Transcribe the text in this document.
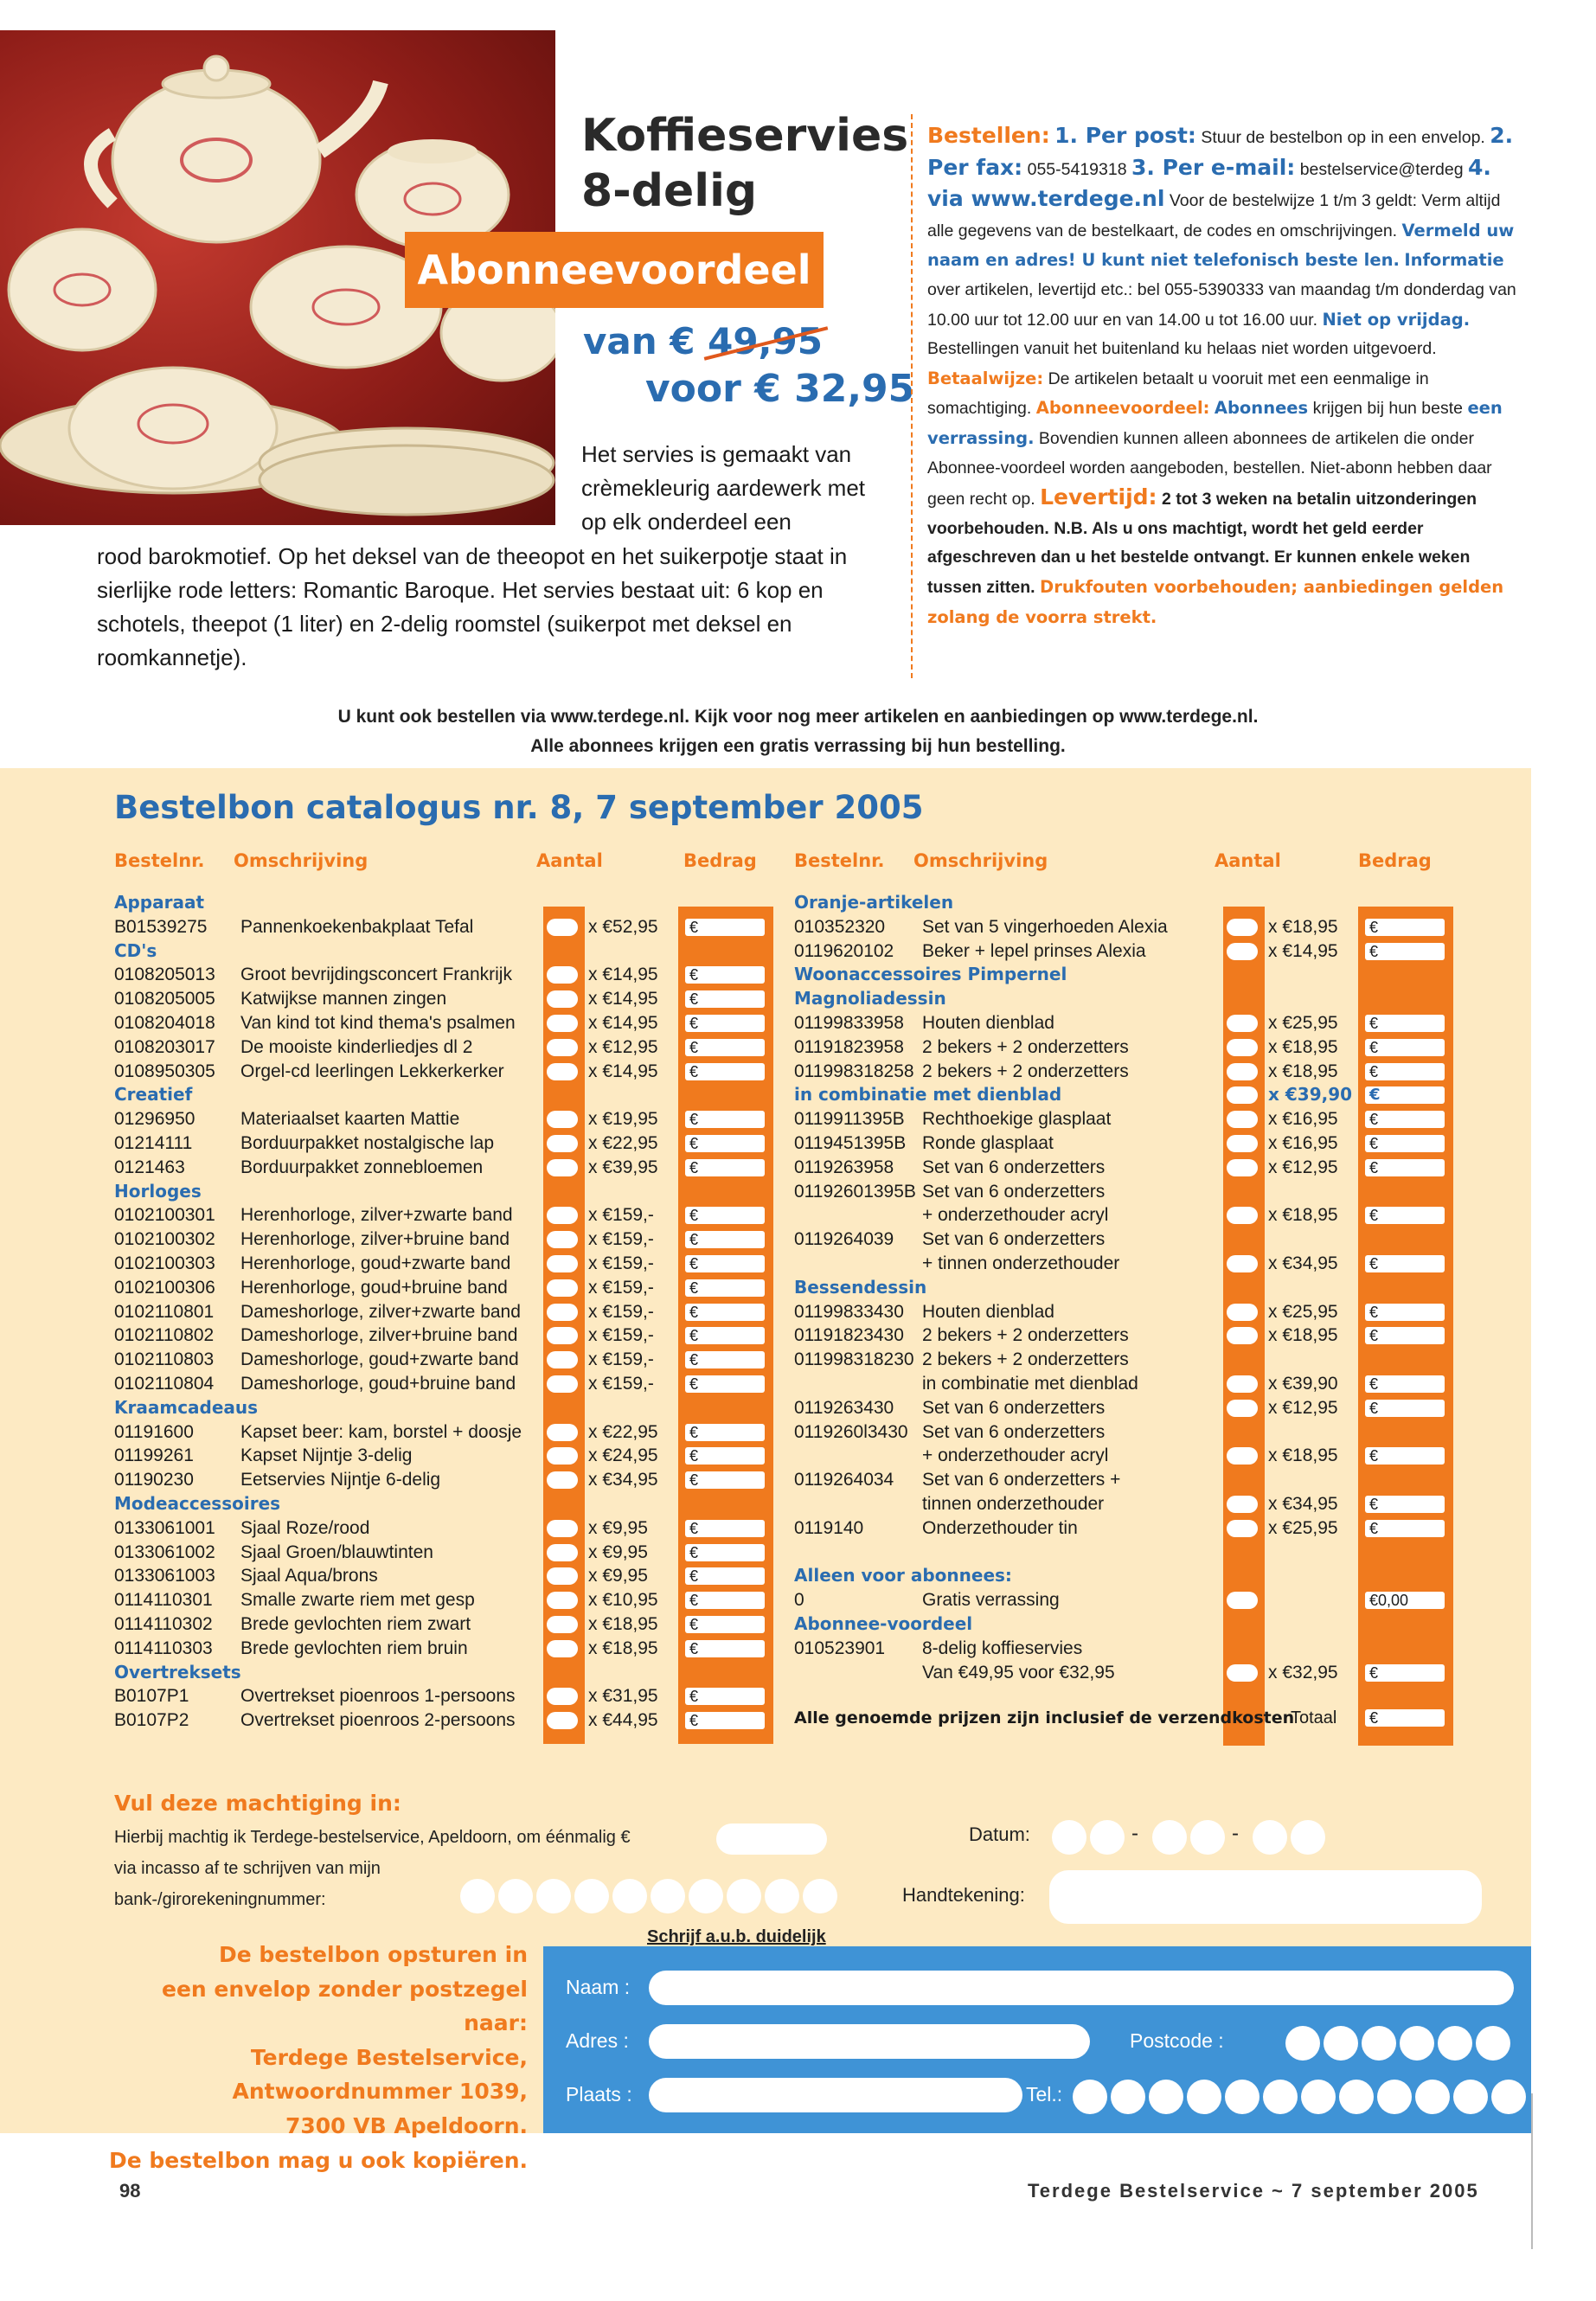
Koffieservies
8-delig
Abonneevoordeel
van € 49,95
voor € 32,95
Het servies is gemaakt van crèmekleurig aardewerk met op elk onderdeel een
rood barokmotief. Op het deksel van de theeopot en het suikerpotje staat in sierlijke rode letters: Romantic Baroque. Het servies bestaat uit: 6 kop en schotels, theepot (1 liter) en 2-delig roomstel (suikerpot met deksel en roomkannetje).
Bestellen: 1. Per post: Stuur de bestelbon op in een envelop. 2. Per fax: 055-5419318 3. Per e-mail: bestelservice@terdeg 4. via www.terdege.nl Voor de bestelwijze 1 t/m 3 geldt: Verm altijd alle gegevens van de bestelkaart, de codes en omschrijvingen. Vermeld uw naam en adres! U kunt niet telefonisch beste len. Informatie over artikelen, levertijd etc.: bel 055-5390333 van maandag t/m donderdag van 10.00 uur tot 12.00 uur en van 14.00 u tot 16.00 uur. Niet op vrijdag. Bestellingen vanuit het buitenland ku helaas niet worden uitgevoerd. Betaalwijze: De artikelen betaalt u vooruit met een eenmalige in somachtiging. Abonneevoordeel: Abonnees krijgen bij hun beste een verrassing. Bovendien kunnen alleen abonnees de artikelen die onder Abonnee-voordeel worden aangeboden, bestellen. Niet-abonn hebben daar geen recht op. Levertijd: 2 tot 3 weken na betalin uitzonderingen voorbehouden. N.B. Als u ons machtigt, wordt het geld eerder afgeschreven dan u het bestelde ontvangt. Er kunnen enkele weken tussen zitten. Drukfouten voorbehouden; aanbiedingen gelden zolang de voorra strekt.
U kunt ook bestellen via www.terdege.nl. Kijk voor nog meer artikelen en aanbiedingen op www.terdege.nl.
Alle abonnees krijgen een gratis verrassing bij hun bestelling.
Bestelbon catalogus nr. 8, 7 september 2005
Bestelnr. Omschrijving	Aantal	Bedrag Bestelnr. Omschrijving	Aantal	Bedrag
Apparaat
B01539275 Pannenkoekenbakplaat Tefal	x €52,95 €
CD's
0108205013 Groot bevrijdingsconcert Frankrijk	x €14,95 €
0108205005 Katwijkse mannen zingen	x €14,95 €
0108204018 Van kind tot kind thema's psalmen	x €14,95 €
0108203017 De mooiste kinderliedjes dl 2	x €12,95 €
0108950305 Orgel-cd leerlingen Lekkerkerker	x €14,95 €
Creatief
01296950	Materiaalset kaarten Mattie	x €19,95 €
01214111	Borduurpakket nostalgische lap	x €22,95 €
0121463	Borduurpakket zonnebloemen	x €39,95 €
Horloges
0102100301 Herenhorloge, zilver+zwarte band	x €159,- €
0102100302 Herenhorloge, zilver+bruine band	x €159,- €
0102100303 Herenhorloge, goud+zwarte band	x €159,- €
0102100306 Herenhorloge, goud+bruine band	x €159,- €
0102110801 Dameshorloge, zilver+zwarte band	x €159,- €
0102110802 Dameshorloge, zilver+bruine band	x €159,- €
0102110803 Dameshorloge, goud+zwarte band	x €159,- €
0102110804 Dameshorloge, goud+bruine band	x €159,- €
Kraamcadeaus
01191600	Kapset beer: kam, borstel + doosje	x €22,95 €
01199261	Kapset Nijntje 3-delig	x €24,95 €
01190230	Eetservies Nijntje 6-delig	x €34,95 €
Modeaccessoires
0133061001 Sjaal Roze/rood	x €9,95	€
0133061002 Sjaal Groen/blauwtinten	x €9,95	€
0133061003 Sjaal Aqua/brons	x €9,95	€
0114110301 Smalle zwarte riem met gesp	x €10,95 €
0114110302 Brede gevlochten riem zwart	x €18,95 €
0114110303 Brede gevlochten riem bruin	x €18,95 €
Overtreksets
B0107P1	Overtrekset pioenroos 1-persoons	x €31,95 €
B0107P2	Overtrekset pioenroos 2-persoons	x €44,95 €
Oranje-artikelen
010352320 Set van 5 vingerhoeden Alexia	x €18,95 €
0119620102 Beker + lepel prinses Alexia	x €14,95 €
Woonaccessoires Pimpernel
Magnoliadessin
01199833958 Houten dienblad	x €25,95 €
01191823958 2 bekers + 2 onderzetters	x €18,95 €
011998318258 2 bekers + 2 onderzetters	x €18,95 €
in combinatie met dienblad	x €39,90 €
0119911395B Rechthoekige glasplaat	x €16,95 €
0119451395B Ronde glasplaat	x €16,95 €
0119263958 Set van 6 onderzetters	x €12,95 €
01192601395B Set van 6 onderzetters
+ onderzethouder acryl	x €18,95 €
0119264039 Set van 6 onderzetters
+ tinnen onderzethouder	x €34,95 €
Bessendessin
01199833430 Houten dienblad	x €25,95 €
01191823430 2 bekers + 2 onderzetters	x €18,95 €
011998318230 2 bekers + 2 onderzetters
in combinatie met dienblad	x €39,90 €
0119263430 Set van 6 onderzetters	x €12,95 €
0119260l3430 Set van 6 onderzetters
+ onderzethouder acryl	x €18,95 €
0119264034 Set van 6 onderzetters +
tinnen onderzethouder	x €34,95 €
0119140	Onderzethouder tin	x €25,95 €
Alleen voor abonnees:
0	Gratis verrassing	€0,00
Abonnee-voordeel
010523901 8-delig koffieservies
Van €49,95 voor €32,95	x €32,95 €
Alle genoemde prijzen zijn inclusief de verzendkosten
Totaal €
Vul deze machtiging in:
Hierbij machtig ik Terdege-bestelservice, Apeldoorn, om éénmalig €
via incasso af te schrijven van mijn
bank-/girorekeningnummer:
Datum:	-	-
Handtekening:
De bestelbon opsturen in
een envelop zonder postzegel naar:
Terdege Bestelservice,
Antwoordnummer 1039,
7300 VB Apeldoorn.
De bestelbon mag u ook kopiëren.
Schrijf a.u.b. duidelijk
Naam :
Adres :	Postcode :
Plaats :	Tel.:
98	Terdege Bestelservice ~ 7 september 2005
